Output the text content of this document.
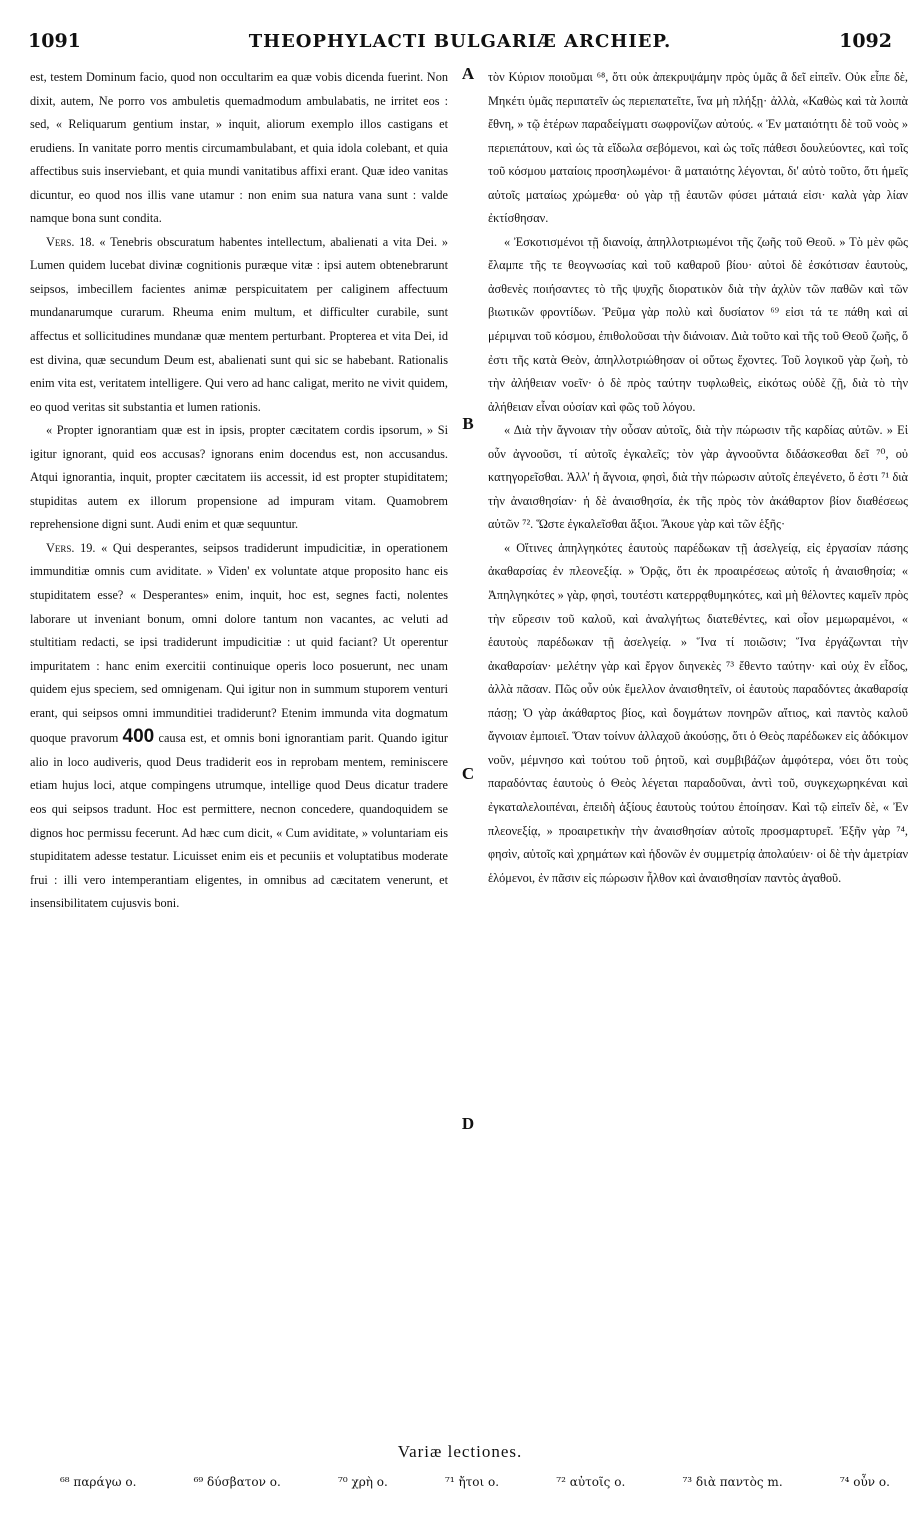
1091	THEOPHYLACTI BULGARIÆ ARCHIEP.	1092

est, testem Dominum facio, quod non occultarim ea quæ vobis dicenda fuerint. Non dixit, autem, Ne porro vos ambuletis quemadmodum ambulabatis, ne irritet eos : sed, « Reliquarum gentium instar, » inquit, aliorum exemplo illos castigans et erudiens. In vanitate porro mentis circumambulabant, et quia idola colebant, et quia affectibus suis inserviebant, et quia mundi vanitatibus affixi erant. Quæ ideo vanitas dicuntur, eo quod nos illis vane utamur : non enim sua natura vana sunt : valde namque bona sunt condita.

Vers. 18. « Tenebris obscuratum habentes intellectum, abalienati a vita Dei. » Lumen quidem lucebat divinæ cognitionis puræque vitæ : ipsi autem obtenebrarunt seipsos, imbecillem facientes animæ perspicuitatem per caliginem affectuum mundanarumque curarum. Rheuma enim multum, et difficulter curabile, sunt affectus et sollicitudines mundanæ quæ mentem perturbant. Propterea et vita Dei, id est divina, quæ secundum Deum est, abalienati sunt qui sic se habebant. Rationalis enim vita est, veritatem intelligere. Qui vero ad hanc caligat, merito ne vivit quidem, eo quod veritas sit substantia et lumen rationis.

« Propter ignorantiam quæ est in ipsis, propter cæcitatem cordis ipsorum, » Si igitur ignorant, quid eos accusas? ignorans enim docendus est, non accusandus. Atqui ignorantia, inquit, propter cæcitatem iis accessit, id est propter stupiditatem; stupiditas autem ex illorum propensione ad impuram vitam. Quamobrem reprehensione digni sunt. Audi enim et quæ sequuntur.

Vers. 19. « Qui desperantes, seipsos tradiderunt impudicitiæ, in operationem immunditiæ omnis cum aviditate. » Viden' ex voluntate atque proposito hanc eis stupiditatem esse? « Desperantes» enim, inquit, hoc est, segnes facti, nolentes laborare ut inveniant bonum, omni dolore tantum non vacantes, ac veluti ad stultitiam redacti, se ipsi tradiderunt impudicitiæ : ut quid faciant? Ut operentur impuritatem : hanc enim exercitii continuique operis loco posuerunt, nec unam quidem ejus speciem, sed omnigenam. Qui igitur non in summum stuporem venturi erant, qui seipsos omni immunditiei tradiderunt? Etenim immunda vita dogmatum quoque pravorum 400 causa est, et omnis boni ignorantiam parit. Quando igitur alio in loco audiveris, quod Deus tradiderit eos in reprobam mentem, reminiscere etiam hujus loci, atque compingens utrumque, intellige quod Deus dicatur tradere eos qui seipsos tradunt. Hoc est permittere, necnon concedere, quandoquidem se dignos hoc permissu fecerunt. Ad hæc cum dicit, « Cum aviditate, » voluntariam eis stupiditatem adesse testatur. Licuisset enim eis et pecuniis et voluptatibus moderate frui : illi vero intemperantiam eligentes, in omnibus ad cæcitatem venerunt, et insensibilitatem cujusvis boni.

A
B
C
D

τὸν Κύριον ποιοῦμαι ⁶⁸, ὅτι οὐκ ἀπεκρυψάμην πρὸς ὑμᾶς ἃ δεῖ εἰπεῖν. Οὐκ εἶπε δὲ, Μηκέτι ὑμᾶς περιπατεῖν ὡς περιεπατεῖτε, ἵνα μὴ πλήξῃ· ἀλλὰ, «Καθὼς καὶ τὰ λοιπὰ ἔθνη, » τῷ ἑτέρων παραδείγματι σωφρονίζων αὐτούς. « Ἐν ματαιότητι δὲ τοῦ νοὸς » περιεπάτουν, καὶ ὡς τὰ εἴδωλα σεβόμενοι, καὶ ὡς τοῖς πάθεσι δουλεύοντες, καὶ τοῖς τοῦ κόσμου ματαίοις προσηλωμένοι· ἃ ματαιότης λέγονται, δι' αὐτὸ τοῦτο, ὅτι ἡμεῖς αὐτοῖς ματαίως χρώμεθα· οὐ γὰρ τῇ ἑαυτῶν φύσει μάταιά εἰσι· καλὰ γὰρ λίαν ἐκτίσθησαν.

« Ἐσκοτισμένοι τῇ διανοίᾳ, ἀπηλλοτριωμένοι τῆς ζωῆς τοῦ Θεοῦ. » Τὸ μὲν φῶς ἔλαμπε τῆς τε θεογνωσίας καὶ τοῦ καθαροῦ βίου· αὐτοὶ δὲ ἐσκότισαν ἑαυτοὺς, ἀσθενὲς ποιήσαντες τὸ τῆς ψυχῆς διορατικὸν διὰ τὴν ἀχλὺν τῶν παθῶν καὶ τῶν βιωτικῶν φροντίδων. Ῥεῦμα γὰρ πολὺ καὶ δυσίατον ⁶⁹ εἰσι τά τε πάθη καὶ αἱ μέριμναι τοῦ κόσμου, ἐπιθολοῦσαι τὴν διάνοιαν. Διὰ τοῦτο καὶ τῆς τοῦ Θεοῦ ζωῆς, ὅ ἐστι τῆς κατὰ Θεὸν, ἀπηλλοτριώθησαν οἱ οὕτως ἔχοντες. Τοῦ λογικοῦ γὰρ ζωὴ, τὸ τὴν ἀλήθειαν νοεῖν· ὁ δὲ πρὸς ταύτην τυφλωθεὶς, εἰκότως οὐδὲ ζῇ, διὰ τὸ τὴν ἀλήθειαν εἶναι οὐσίαν καὶ φῶς τοῦ λόγου.

« Διὰ τὴν ἄγνοιαν τὴν οὖσαν αὐτοῖς, διὰ τὴν πώρωσιν τῆς καρδίας αὐτῶν. » Εἰ οὖν ἀγνοοῦσι, τί αὐτοῖς ἐγκαλεῖς; τὸν γὰρ ἀγνοοῦντα διδάσκεσθαι δεῖ ⁷⁰, οὐ κατηγορεῖσθαι. Ἀλλ' ἡ ἄγνοια, φησὶ, διὰ τὴν πώρωσιν αὐτοῖς ἐπεγένετο, ὅ ἐστι ⁷¹ διὰ τὴν ἀναισθησίαν· ἡ δὲ ἀναισθησία, ἐκ τῆς πρὸς τὸν ἀκάθαρτον βίον διαθέσεως αὐτῶν ⁷². Ὥστε ἐγκαλεῖσθαι ἄξιοι. Ἄκουε γὰρ καὶ τῶν ἑξῆς·

« Οἵτινες ἀπηλγηκότες ἑαυτοὺς παρέδωκαν τῇ ἀσελγείᾳ, εἰς ἐργασίαν πάσης ἀκαθαρσίας ἐν πλεονεξίᾳ. » Ὁρᾷς, ὅτι ἐκ προαιρέσεως αὐτοῖς ἡ ἀναισθησία; « Ἀπηλγηκότες » γὰρ, φησὶ, τουτέστι κατερρᾳθυμηκότες, καὶ μὴ θέλοντες καμεῖν πρὸς τὴν εὕρεσιν τοῦ καλοῦ, καὶ ἀναλγήτως διατεθέντες, καὶ οἷον μεμωραμένοι, « ἑαυτοὺς παρέδωκαν τῇ ἀσελγείᾳ. » Ἵνα τί ποιῶσιν; Ἵνα ἐργάζωνται τὴν ἀκαθαρσίαν· μελέτην γὰρ καὶ ἔργον διηνεκὲς ⁷³ ἔθεντο ταύτην· καὶ οὐχ ἓν εἶδος, ἀλλὰ πᾶσαν. Πῶς οὖν οὐκ ἔμελλον ἀναισθητεῖν, οἱ ἑαυτοὺς παραδόντες ἀκαθαρσίᾳ πάσῃ; Ὁ γὰρ ἀκάθαρτος βίος, καὶ δογμάτων πονηρῶν αἴτιος, καὶ παντὸς καλοῦ ἄγνοιαν ἐμποιεῖ. Ὅταν τοίνυν ἀλλαχοῦ ἀκούσῃς, ὅτι ὁ Θεὸς παρέδωκεν εἰς ἀδόκιμον νοῦν, μέμνησο καὶ τούτου τοῦ ῥητοῦ, καὶ συμβιβάζων ἀμφότερα, νόει ὅτι τοὺς παραδόντας ἑαυτοὺς ὁ Θεὸς λέγεται παραδοῦναι, ἀντὶ τοῦ, συγκεχωρηκέναι καὶ ἐγκαταλελοιπέναι, ἐπειδὴ ἀξίους ἑαυτοὺς τούτου ἐποίησαν. Καὶ τῷ εἰπεῖν δὲ, « Ἐν πλεονεξίᾳ, » προαιρετικὴν τὴν ἀναισθησίαν αὐτοῖς προσμαρτυρεῖ. Ἐξῆν γὰρ ⁷⁴, φησὶν, αὐτοῖς καὶ χρημάτων καὶ ἡδονῶν ἐν συμμετρίᾳ ἀπολαύειν· οἱ δὲ τὴν ἀμετρίαν ἑλόμενοι, ἐν πᾶσιν εἰς πώρωσιν ἦλθον καὶ ἀναισθησίαν παντὸς ἀγαθοῦ.

Variæ lectiones.
⁶⁸ παράγω ο.	⁶⁹ δύσβατον ο.	⁷⁰ χρὴ ο.	⁷¹ ἤτοι ο.	⁷² αὐτοῖς ο.	⁷³ διὰ παντὸς m.	⁷⁴ οὖν ο.
